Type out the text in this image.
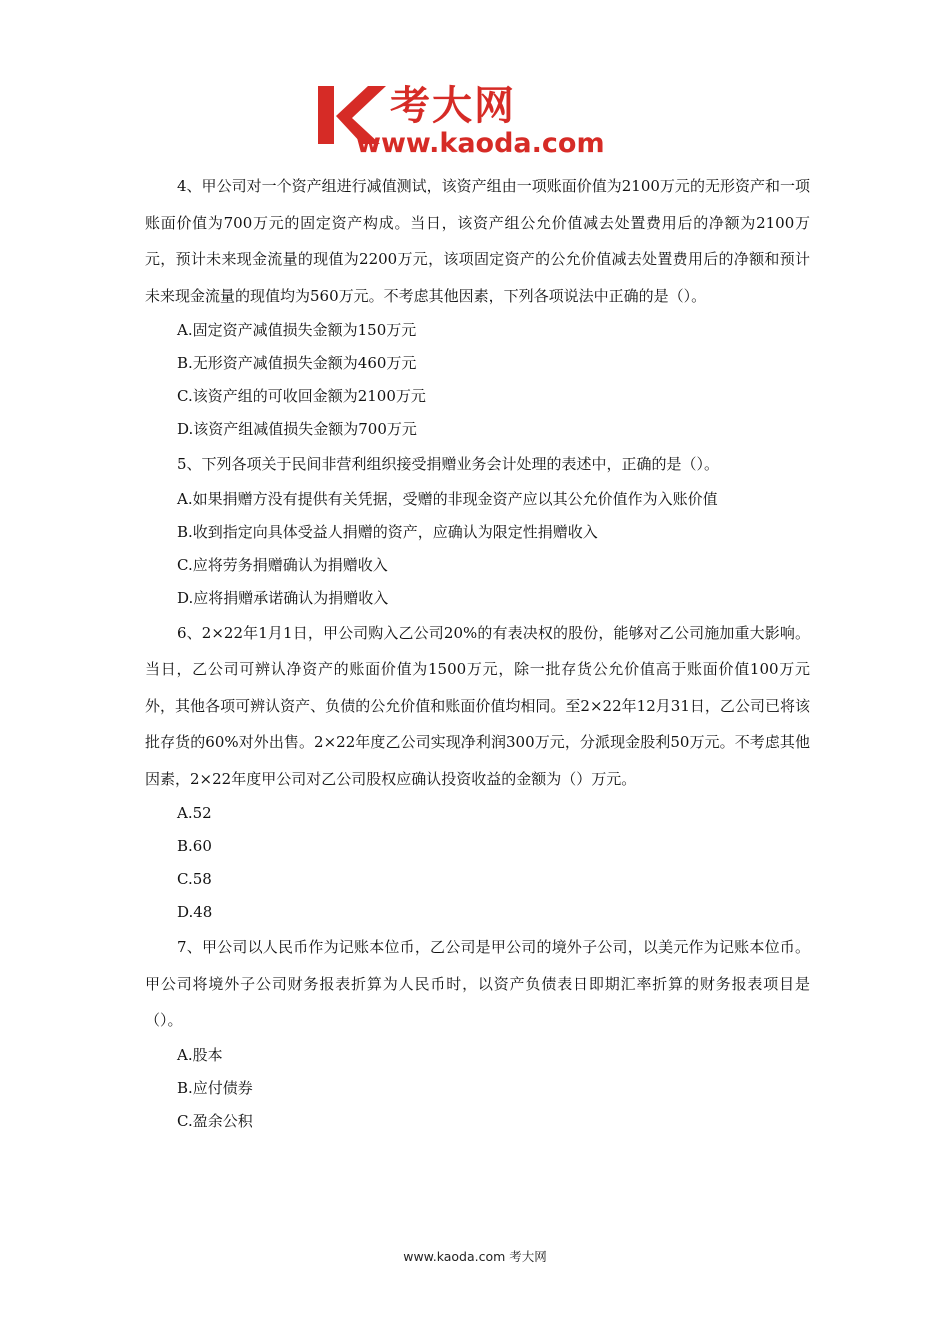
考大网
www.kaoda.com

4、甲公司对一个资产组进行减值测试，该资产组由一项账面价值为2100万元的无形资产和一项账面价值为700万元的固定资产构成。当日，该资产组公允价值减去处置费用后的净额为2100万元，预计未来现金流量的现值为2200万元，该项固定资产的公允价值减去处置费用后的净额和预计未来现金流量的现值均为560万元。不考虑其他因素，下列各项说法中正确的是（）。

A.固定资产减值损失金额为150万元

B.无形资产减值损失金额为460万元

C.该资产组的可收回金额为2100万元

D.该资产组减值损失金额为700万元

5、下列各项关于民间非营利组织接受捐赠业务会计处理的表述中，正确的是（）。

A.如果捐赠方没有提供有关凭据，受赠的非现金资产应以其公允价值作为入账价值

B.收到指定向具体受益人捐赠的资产，应确认为限定性捐赠收入

C.应将劳务捐赠确认为捐赠收入

D.应将捐赠承诺确认为捐赠收入

6、2×22年1月1日，甲公司购入乙公司20%的有表决权的股份，能够对乙公司施加重大影响。当日，乙公司可辨认净资产的账面价值为1500万元，除一批存货公允价值高于账面价值100万元外，其他各项可辨认资产、负债的公允价值和账面价值均相同。至2×22年12月31日，乙公司已将该批存货的60%对外出售。2×22年度乙公司实现净利润300万元，分派现金股利50万元。不考虑其他因素，2×22年度甲公司对乙公司股权应确认投资收益的金额为（）万元。

A.52

B.60

C.58

D.48

7、甲公司以人民币作为记账本位币，乙公司是甲公司的境外子公司，以美元作为记账本位币。甲公司将境外子公司财务报表折算为人民币时，以资产负债表日即期汇率折算的财务报表项目是（）。

A.股本

B.应付债券

C.盈余公积

www.kaoda.com 考大网
